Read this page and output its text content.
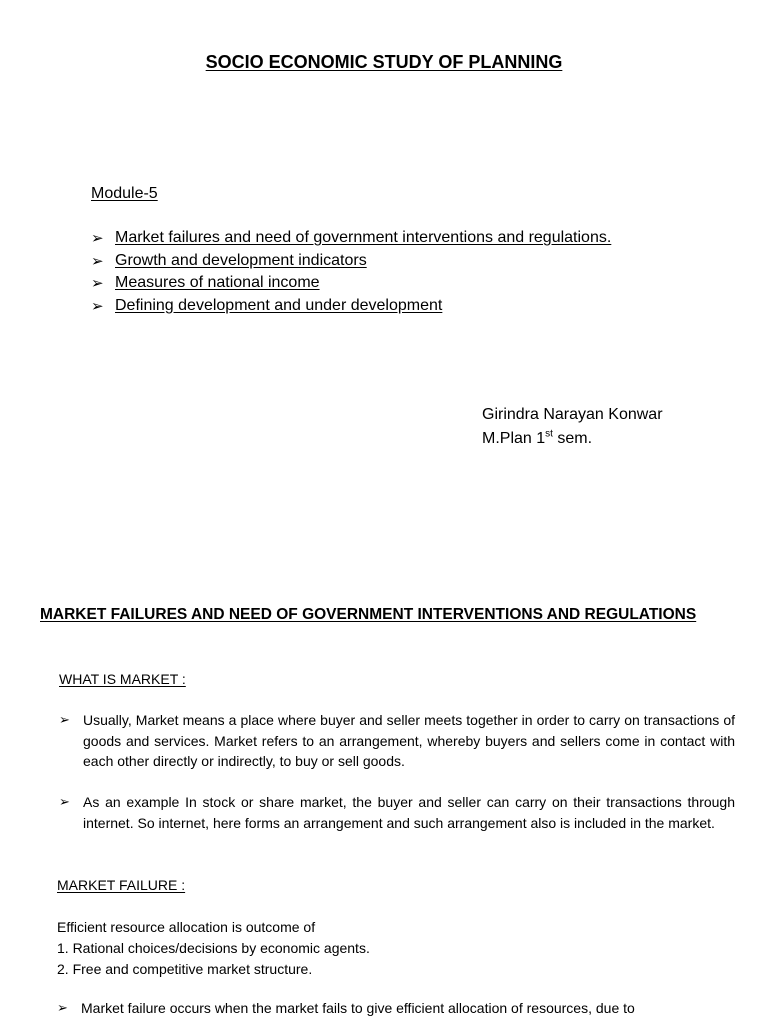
SOCIO ECONOMIC STUDY OF PLANNING
Module-5
➢ Market failures and need of government interventions and regulations.
➢ Growth and development indicators
➢ Measures of national income
➢ Defining development and under development
Girindra Narayan Konwar
M.Plan 1st sem.
MARKET FAILURES AND NEED OF GOVERNMENT INTERVENTIONS AND REGULATIONS
WHAT IS MARKET :
➢ Usually, Market means a place where buyer and seller meets together in order to carry on transactions of goods and services. Market refers to an arrangement, whereby buyers and sellers come in contact with each other directly or indirectly, to buy or sell goods.
➢ As an example In stock or share market, the buyer and seller can carry on their transactions through internet. So internet, here forms an arrangement and such arrangement also is included in the market.
MARKET FAILURE :
Efficient resource allocation is outcome of
1. Rational choices/decisions by economic agents.
2. Free and competitive market structure.
➢ Market failure occurs when the market fails to give efficient allocation of resources, due to
